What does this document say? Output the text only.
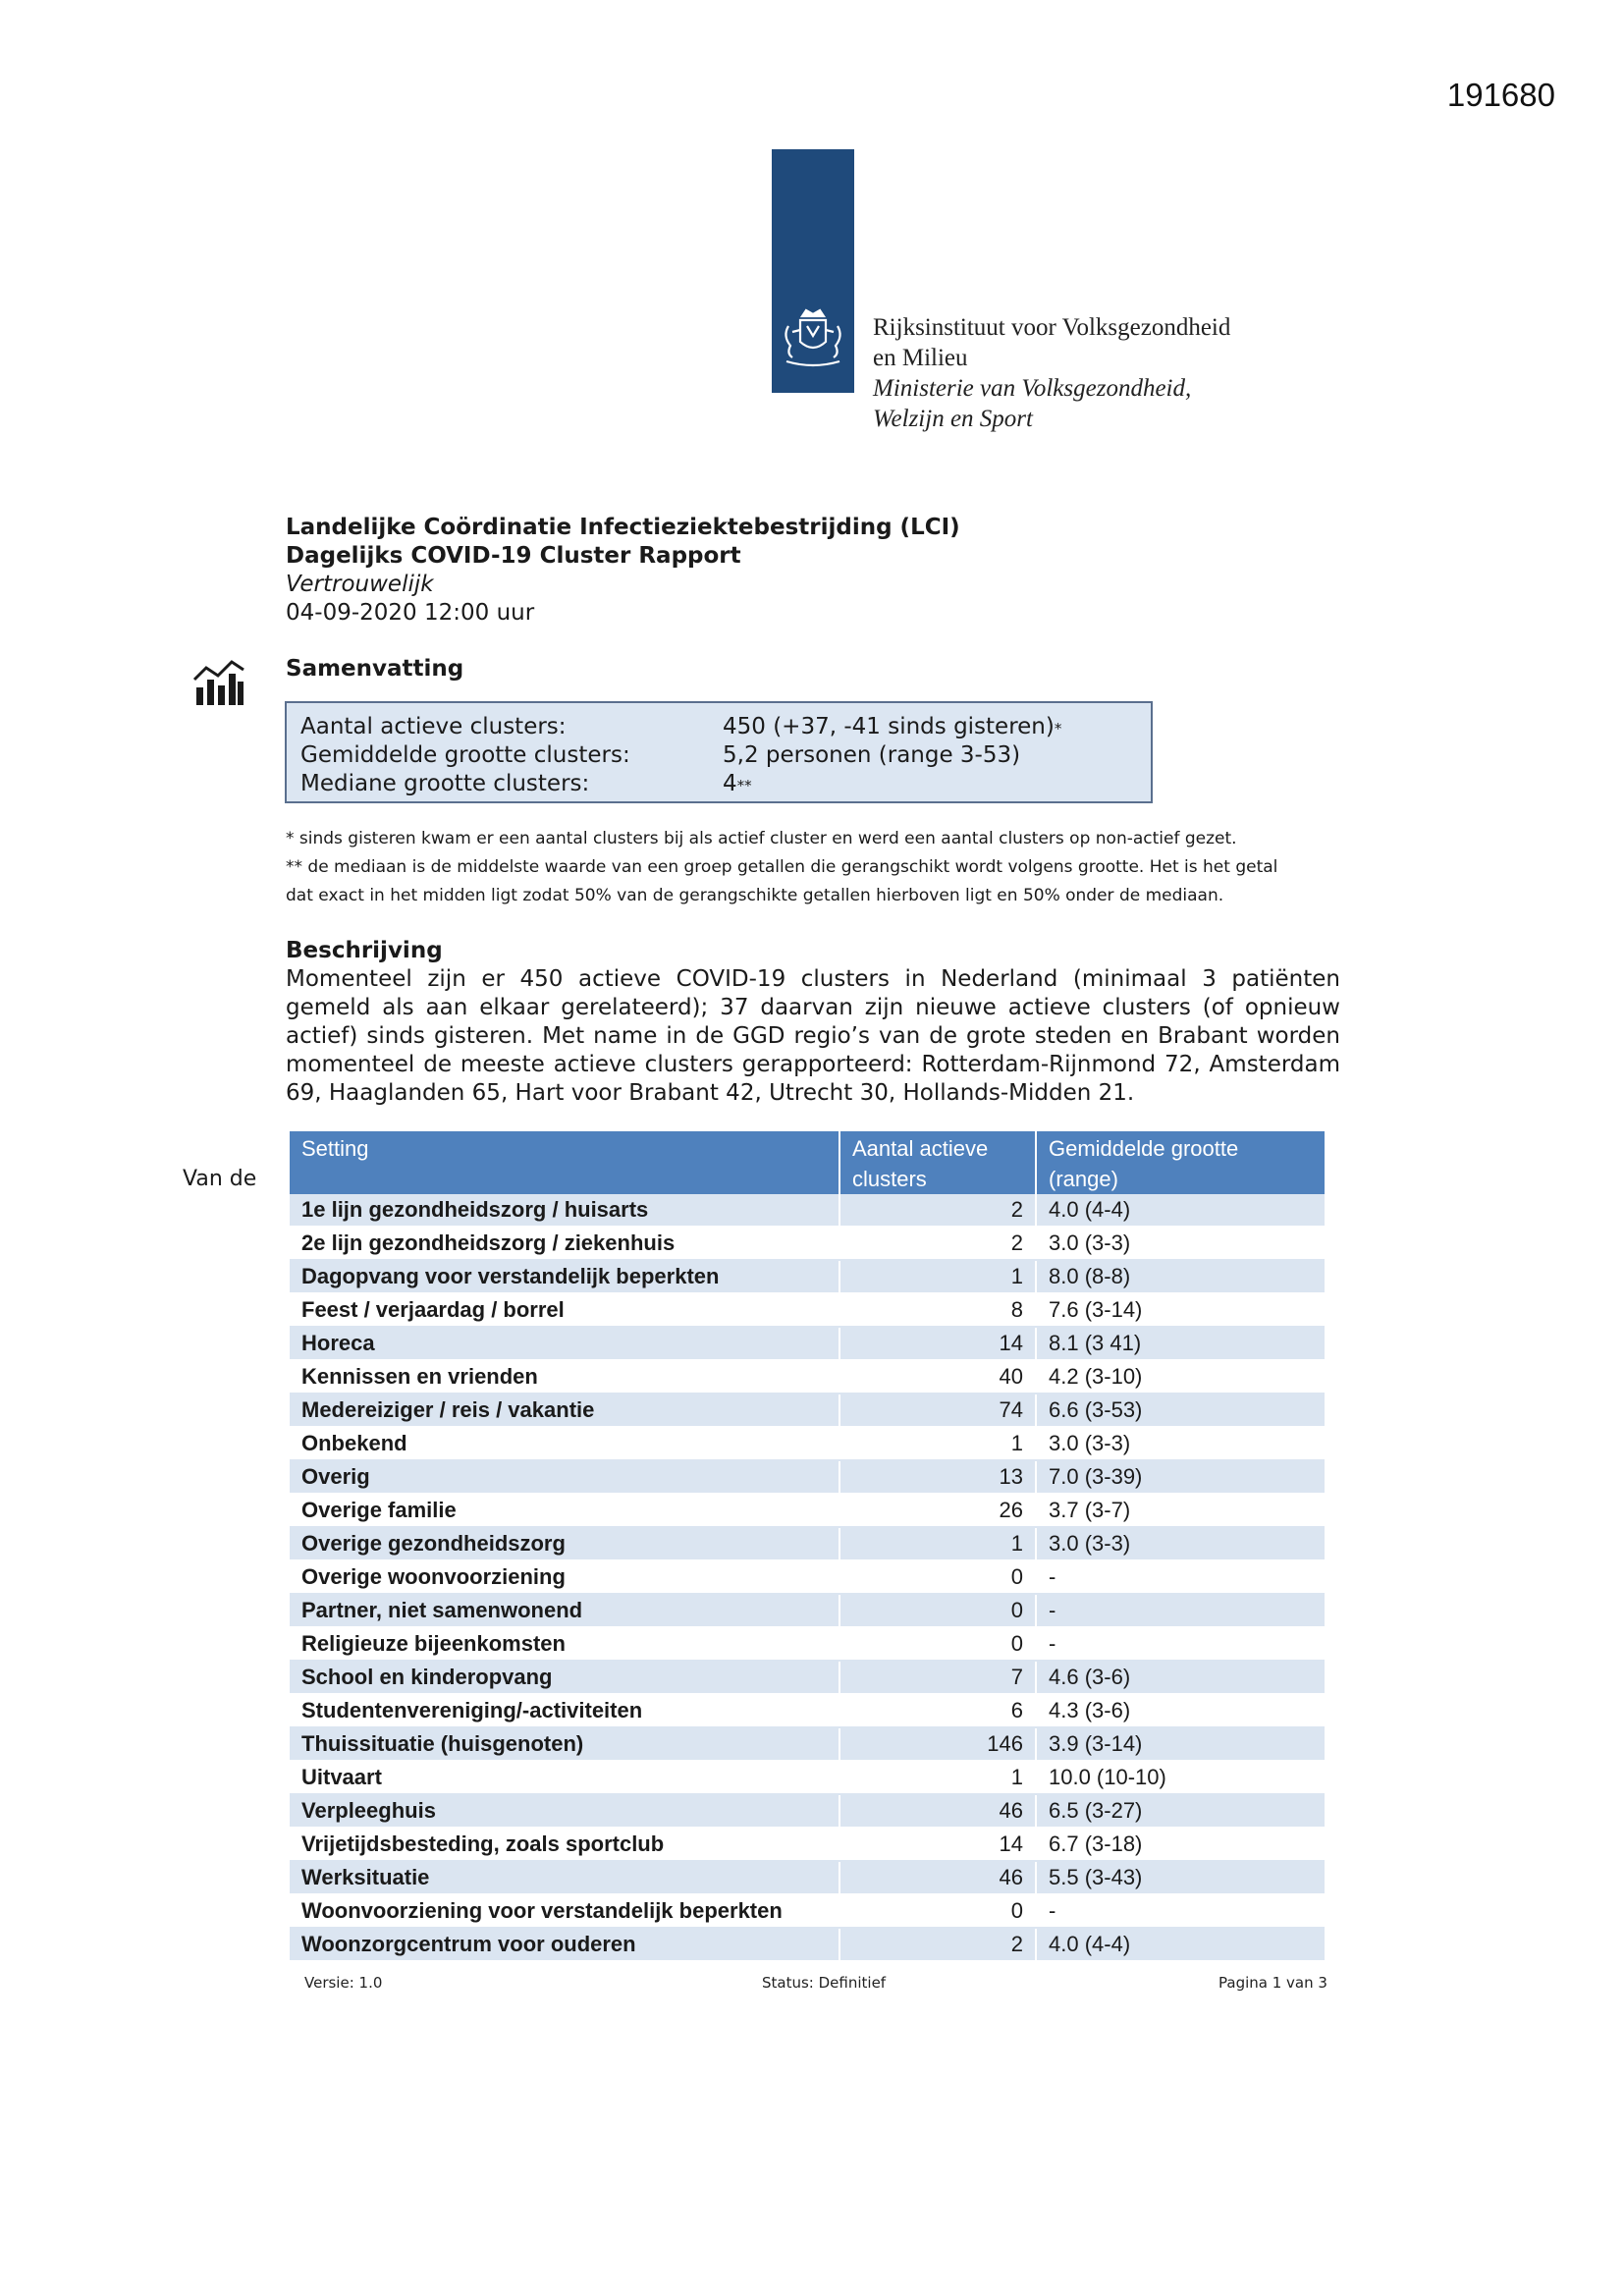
191680
Rijksinstituut voor Volksgezondheid
en Milieu
Ministerie van Volksgezondheid,
Welzijn en Sport
Landelijke Coördinatie Infectieziektebestrijding (LCI)
Dagelijks COVID-19 Cluster Rapport
Vertrouwelijk
04-09-2020 12:00 uur
Samenvatting
Aantal actieve clusters:	450 (+37, -41 sinds gisteren)*
Gemiddelde grootte clusters:	5,2 personen (range 3-53)
Mediane grootte clusters:	4**
* sinds gisteren kwam er een aantal clusters bij als actief cluster en werd een aantal clusters op non-actief gezet.
** de mediaan is de middelste waarde van een groep getallen die gerangschikt wordt volgens grootte. Het is het getal
dat exact in het midden ligt zodat 50% van de gerangschikte getallen hierboven ligt en 50% onder de mediaan.
Beschrijving
Momenteel zijn er 450 actieve COVID-19 clusters in Nederland (minimaal 3 patiënten gemeld als aan elkaar gerelateerd); 37 daarvan zijn nieuwe actieve clusters (of opnieuw actief) sinds gisteren. Met name in de GGD regio’s van de grote steden en Brabant worden momenteel de meeste actieve clusters gerapporteerd: Rotterdam-Rijnmond 72, Amsterdam 69, Haaglanden 65, Hart voor Brabant 42, Utrecht 30, Hollands-Midden 21.
Van de
Setting	Aantal actieve clusters	Gemiddelde grootte (range)
1e lijn gezondheidszorg / huisarts	2	4.0 (4-4)
2e lijn gezondheidszorg / ziekenhuis	2	3.0 (3-3)
Dagopvang voor verstandelijk beperkten	1	8.0 (8-8)
Feest / verjaardag / borrel	8	7.6 (3-14)
Horeca	14	8.1 (3 41)
Kennissen en vrienden	40	4.2 (3-10)
Medereiziger / reis / vakantie	74	6.6 (3-53)
Onbekend	1	3.0 (3-3)
Overig	13	7.0 (3-39)
Overige familie	26	3.7 (3-7)
Overige gezondheidszorg	1	3.0 (3-3)
Overige woonvoorziening	0	-
Partner, niet samenwonend	0	-
Religieuze bijeenkomsten	0	-
School en kinderopvang	7	4.6 (3-6)
Studentenvereniging/-activiteiten	6	4.3 (3-6)
Thuissituatie (huisgenoten)	146	3.9 (3-14)
Uitvaart	1	10.0 (10-10)
Verpleeghuis	46	6.5 (3-27)
Vrijetijdsbesteding, zoals sportclub	14	6.7 (3-18)
Werksituatie	46	5.5 (3-43)
Woonvoorziening voor verstandelijk beperkten	0	-
Woonzorgcentrum voor ouderen	2	4.0 (4-4)
Versie: 1.0	Status: Definitief	Pagina 1 van 3
